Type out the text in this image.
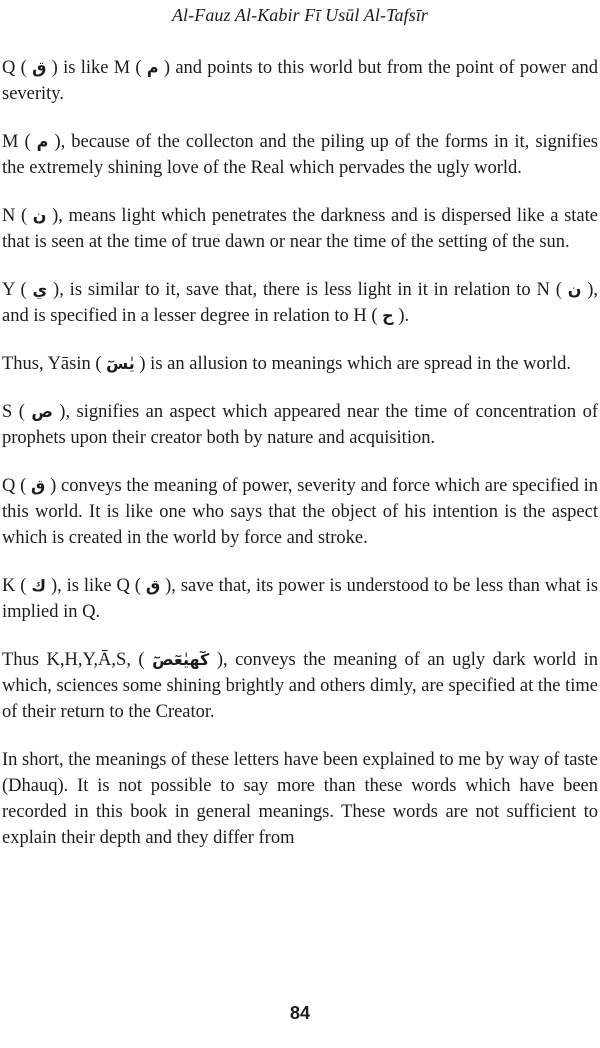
Al-Fauz Al-Kabir Fī Usūl Al-Tafsīr

Q ( ق ) is like M ( م ) and points to this world but from the point of power and severity.

M ( م ), because of the collecton and the piling up of the forms in it, signifies the extremely shining love of the Real which pervades the ugly world.

N ( ن ), means light which penetrates the darkness and is dispersed like a state that is seen at the time of true dawn or near the time of the setting of the sun.

Y ( ي ), is similar to it, save that, there is less light in it in relation to N ( ن ), and is specified in a lesser degree in relation to H ( ح ).

Thus, Yāsin ( يٰسٓ ) is an allusion to meanings which are spread in the world.

S ( ص ), signifies an aspect which appeared near the time of concentration of prophets upon their creator both by nature and acquisition.

Q ( ق ) conveys the meaning of power, severity and force which are specified in this world. It is like one who says that the object of his intention is the aspect which is created in the world by force and stroke.

K ( ك ), is like Q ( ق ), save that, its power is understood to be less than what is implied in Q.

Thus K,H,Y,Ā,S, ( كٓهيٰعٓصٓ ), conveys the meaning of an ugly dark world in which, sciences some shining brightly and others dimly, are specified at the time of their return to the Creator.

In short, the meanings of these letters have been explained to me by way of taste (Dhauq). It is not possible to say more than these words which have been recorded in this book in general meanings. These words are not sufficient to explain their depth and they differ from

84
